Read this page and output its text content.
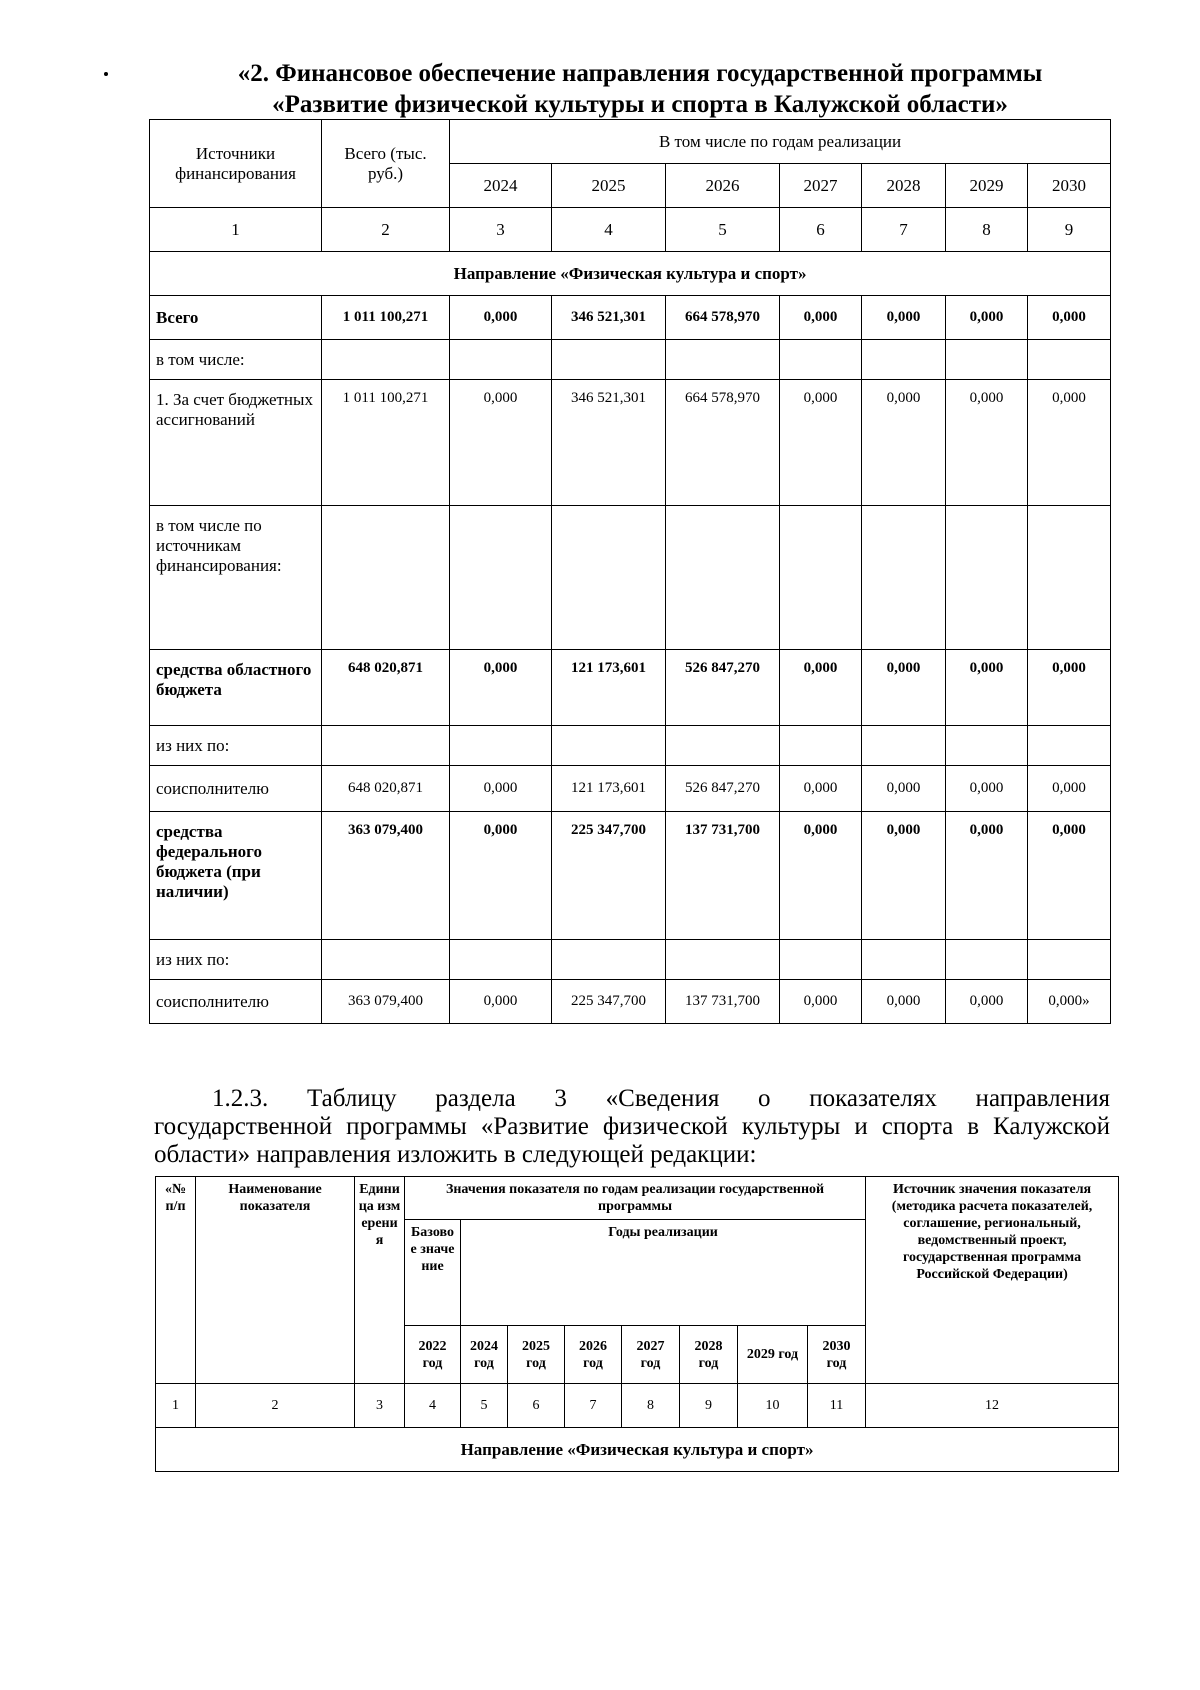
«2. Финансовое обеспечение направления государственной программы
«Развитие физической культуры и спорта в Калужской области»
Источники финансирования	Всего (тыс. руб.)	В том числе по годам реализации						
		2024	2025	2026	2027	2028	2029	2030
1	2	3	4	5	6	7	8	9
Направление «Физическая культура и спорт»								
Всего	1 011 100,271	0,000	346 521,301	664 578,970	0,000	0,000	0,000	0,000
в том числе:								
1. За счет бюджетных ассигнований	1 011 100,271	0,000	346 521,301	664 578,970	0,000	0,000	0,000	0,000
в том числе по источникам финансирования:								
средства областного бюджета	648 020,871	0,000	121 173,601	526 847,270	0,000	0,000	0,000	0,000
из них по:								
соисполнителю	648 020,871	0,000	121 173,601	526 847,270	0,000	0,000	0,000	0,000
средства федерального бюджета (при наличии)	363 079,400	0,000	225 347,700	137 731,700	0,000	0,000	0,000	0,000
из них по:								
соисполнителю	363 079,400	0,000	225 347,700	137 731,700	0,000	0,000	0,000	0,000»
1.2.3. Таблицу раздела 3 «Сведения о показателях направления
государственной программы «Развитие физической культуры и спорта в Калужской области» направления изложить в следующей редакции:
«№ п/п	Наименование показателя	Единица измерения	Значения показателя по годам реализации государственной программы								Источник значения показателя (методика расчета показателей, соглашение, региональный, ведомственный проект, государственная программа Российской Федерации)
			Базовое значение	Годы реализации							
			2022 год	2024 год	2025 год	2026 год	2027 год	2028 год	2029 год	2030 год	
1	2	3	4	5	6	7	8	9	10	11	12
Направление «Физическая культура и спорт»											
